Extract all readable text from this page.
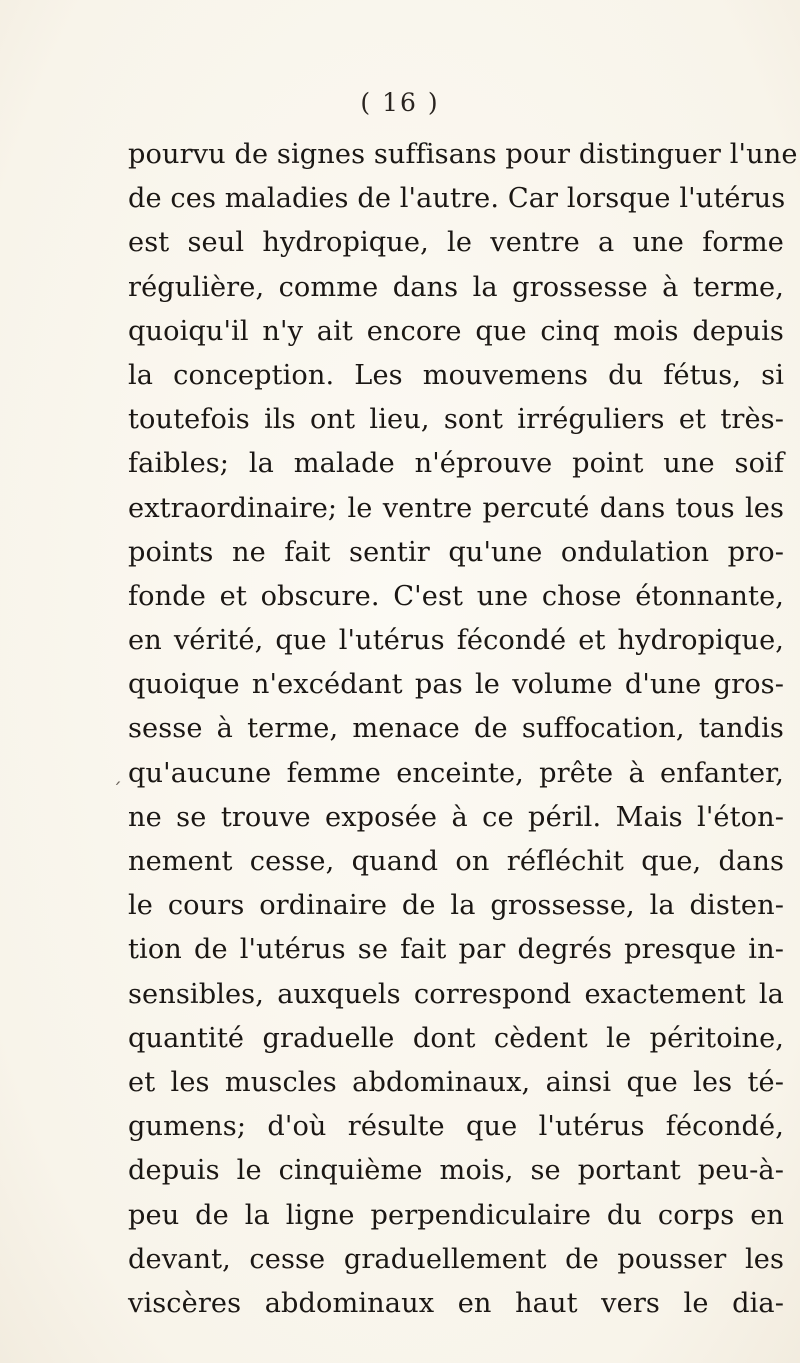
( 16 )
ˊ
pourvu de signes suffisans pour distinguer l'une
de ces maladies de l'autre. Car lorsque l'utérus
est seul hydropique, le ventre a une forme
régulière, comme dans la grossesse à terme,
quoiqu'il n'y ait encore que cinq mois depuis
la conception. Les mouvemens du fétus, si
toutefois ils ont lieu, sont irréguliers et très-
faibles; la malade n'éprouve point une soif
extraordinaire; le ventre percuté dans tous les
points ne fait sentir qu'une ondulation pro-
fonde et obscure. C'est une chose étonnante,
en vérité, que l'utérus fécondé et hydropique,
quoique n'excédant pas le volume d'une gros-
sesse à terme, menace de suffocation, tandis
qu'aucune femme enceinte, prête à enfanter,
ne se trouve exposée à ce péril. Mais l'éton-
nement cesse, quand on réfléchit que, dans
le cours ordinaire de la grossesse, la disten-
tion de l'utérus se fait par degrés presque in-
sensibles, auxquels correspond exactement la
quantité graduelle dont cèdent le péritoine,
et les muscles abdominaux, ainsi que les té-
gumens; d'où résulte que l'utérus fécondé,
depuis le cinquième mois, se portant peu-à-
peu de la ligne perpendiculaire du corps en
devant, cesse graduellement de pousser les
viscères abdominaux en haut vers le dia-
